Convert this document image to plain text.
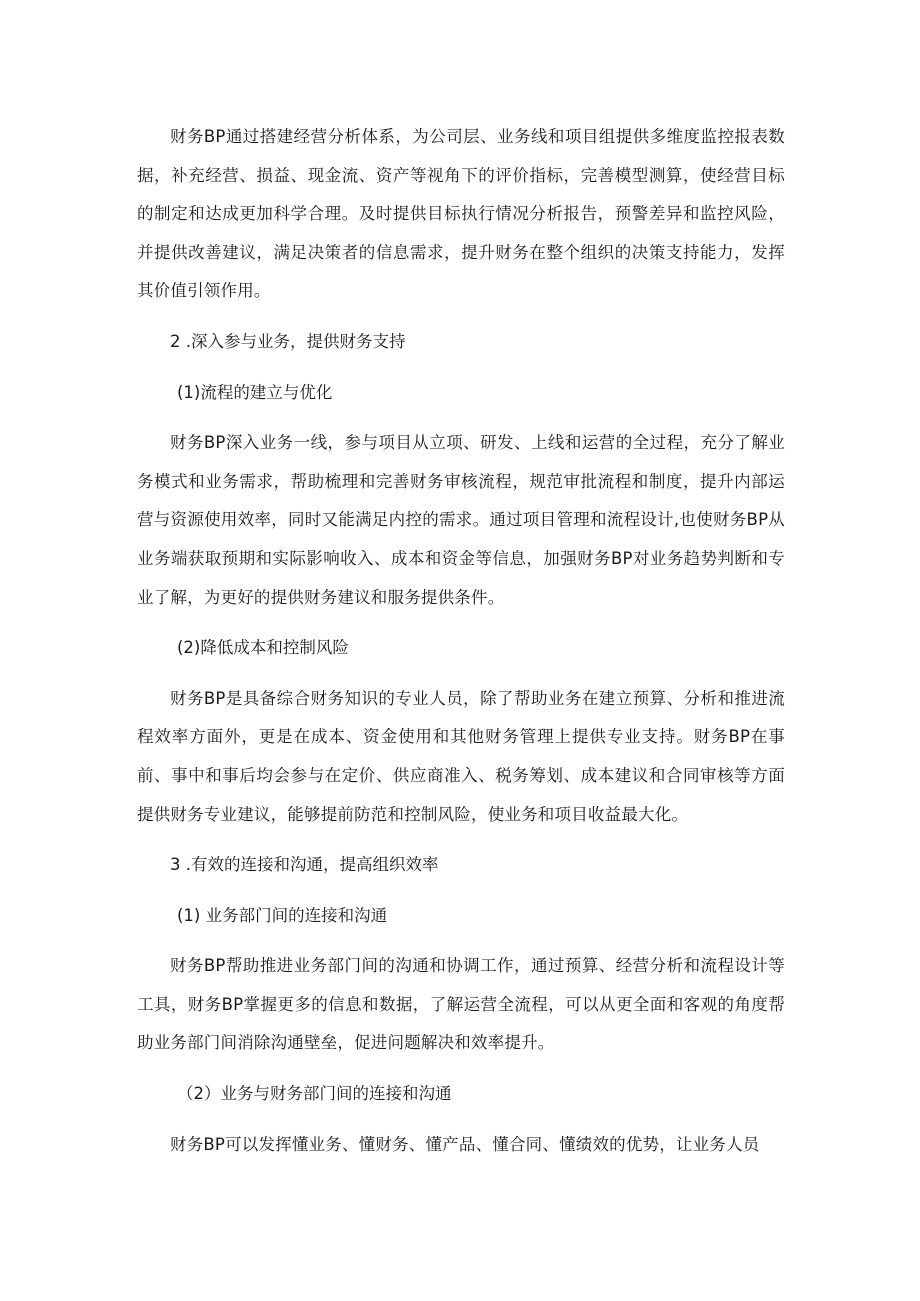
财务BP通过搭建经营分析体系，为公司层、业务线和项目组提供多维度监控报表数据，补充经营、损益、现金流、资产等视角下的评价指标，完善模型测算，使经营目标的制定和达成更加科学合理。及时提供目标执行情况分析报告，预警差异和监控风险，并提供改善建议，满足决策者的信息需求，提升财务在整个组织的决策支持能力，发挥其价值引领作用。

2 .深入参与业务，提供财务支持

(1)流程的建立与优化

财务BP深入业务一线，参与项目从立项、研发、上线和运营的全过程，充分了解业务模式和业务需求，帮助梳理和完善财务审核流程，规范审批流程和制度，提升内部运营与资源使用效率，同时又能满足内控的需求。通过项目管理和流程设计,也使财务BP从业务端获取预期和实际影响收入、成本和资金等信息，加强财务BP对业务趋势判断和专业了解，为更好的提供财务建议和服务提供条件。

(2)降低成本和控制风险

财务BP是具备综合财务知识的专业人员，除了帮助业务在建立预算、分析和推进流程效率方面外，更是在成本、资金使用和其他财务管理上提供专业支持。财务BP在事前、事中和事后均会参与在定价、供应商准入、税务筹划、成本建议和合同审核等方面提供财务专业建议，能够提前防范和控制风险，使业务和项目收益最大化。

3 .有效的连接和沟通，提高组织效率

(1) 业务部门间的连接和沟通

财务BP帮助推进业务部门间的沟通和协调工作，通过预算、经营分析和流程设计等工具，财务BP掌握更多的信息和数据，了解运营全流程，可以从更全面和客观的角度帮助业务部门间消除沟通壁垒，促进问题解决和效率提升。

（2）业务与财务部门间的连接和沟通

财务BP可以发挥懂业务、懂财务、懂产品、懂合同、懂绩效的优势，让业务人员
